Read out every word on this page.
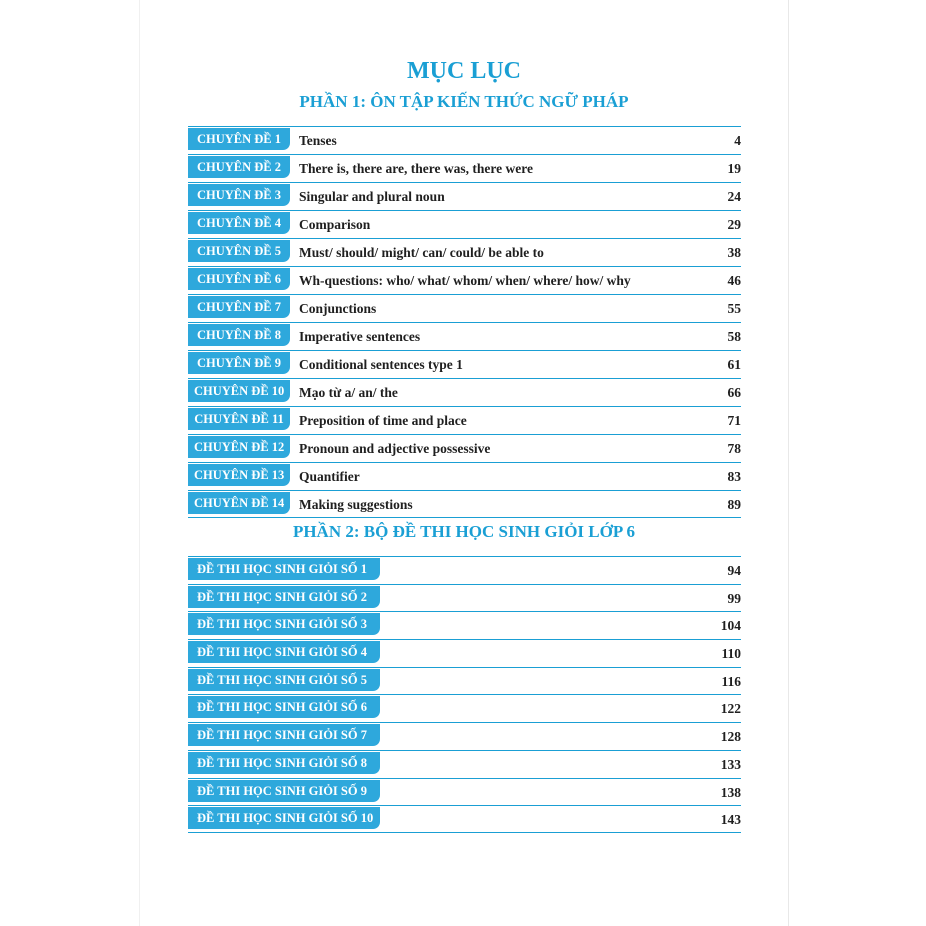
MỤC LỤC
PHẦN 1: ÔN TẬP KIẾN THỨC NGỮ PHÁP
CHUYÊN ĐỀ 1	Tenses	4
CHUYÊN ĐỀ 2	There is, there are, there was, there were	19
CHUYÊN ĐỀ 3	Singular and plural noun	24
CHUYÊN ĐỀ 4	Comparison	29
CHUYÊN ĐỀ 5	Must/ should/ might/ can/ could/ be able to	38
CHUYÊN ĐỀ 6	Wh-questions: who/ what/ whom/ when/ where/ how/ why	46
CHUYÊN ĐỀ 7	Conjunctions	55
CHUYÊN ĐỀ 8	Imperative sentences	58
CHUYÊN ĐỀ 9	Conditional sentences type 1	61
CHUYÊN ĐỀ 10	Mạo từ a/ an/ the	66
CHUYÊN ĐỀ 11	Preposition of time and place	71
CHUYÊN ĐỀ 12	Pronoun and adjective possessive	78
CHUYÊN ĐỀ 13	Quantifier	83
CHUYÊN ĐỀ 14	Making suggestions	89
PHẦN 2: BỘ ĐỀ THI HỌC SINH GIỎI LỚP 6
ĐỀ THI HỌC SINH GIỎI SỐ 1	94
ĐỀ THI HỌC SINH GIỎI SỐ 2	99
ĐỀ THI HỌC SINH GIỎI SỐ 3	104
ĐỀ THI HỌC SINH GIỎI SỐ 4	110
ĐỀ THI HỌC SINH GIỎI SỐ 5	116
ĐỀ THI HỌC SINH GIỎI SỐ 6	122
ĐỀ THI HỌC SINH GIỎI SỐ 7	128
ĐỀ THI HỌC SINH GIỎI SỐ 8	133
ĐỀ THI HỌC SINH GIỎI SỐ 9	138
ĐỀ THI HỌC SINH GIỎI SỐ 10	143
